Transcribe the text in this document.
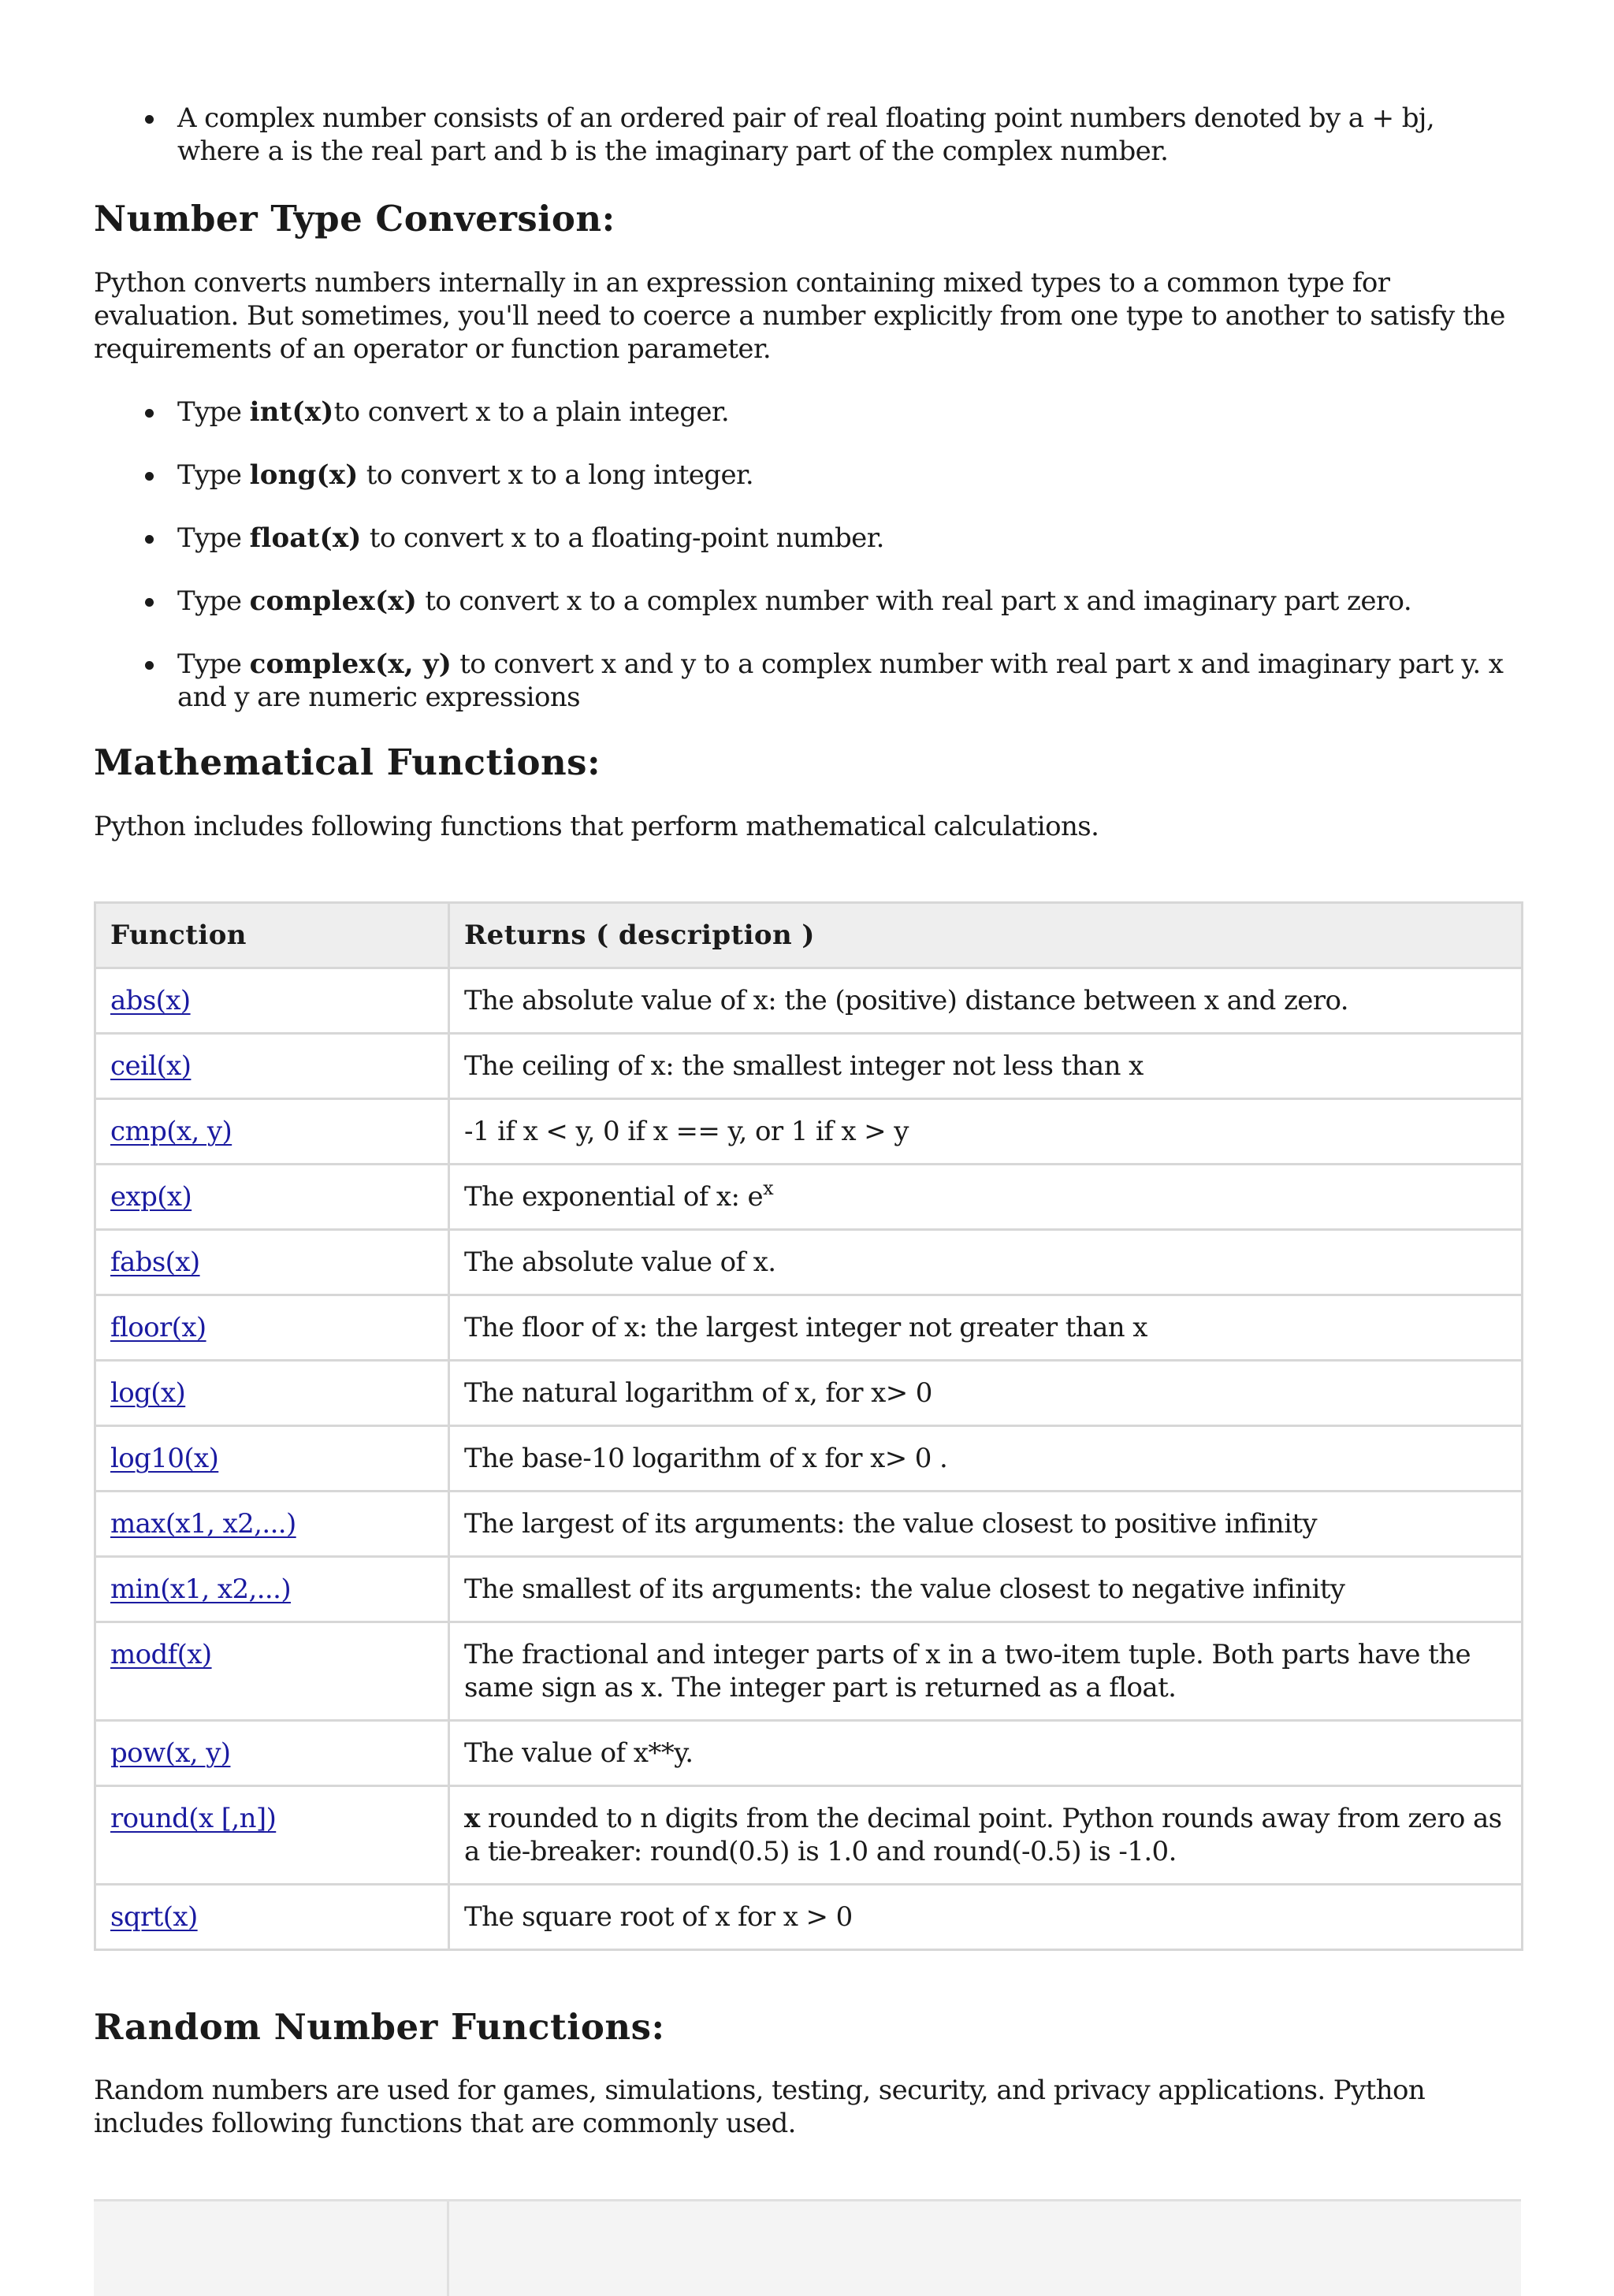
A complex number consists of an ordered pair of real floating point numbers denoted by a + bj, where a is the real part and b is the imaginary part of the complex number.
Number Type Conversion:

Python converts numbers internally in an expression containing mixed types to a common type for evaluation. But sometimes, you'll need to coerce a number explicitly from one type to another to satisfy the requirements of an operator or function parameter.

Type int(x)to convert x to a plain integer.
Type long(x) to convert x to a long integer.
Type float(x) to convert x to a floating-point number.
Type complex(x) to convert x to a complex number with real part x and imaginary part zero.
Type complex(x, y) to convert x and y to a complex number with real part x and imaginary part y. x and y are numeric expressions
Mathematical Functions:

Python includes following functions that perform mathematical calculations.

Function	Returns ( description )
abs(x)	The absolute value of x: the (positive) distance between x and zero.
ceil(x)	The ceiling of x: the smallest integer not less than x
cmp(x, y)	-1 if x < y, 0 if x == y, or 1 if x > y
exp(x)	The exponential of x: $e^x$
fabs(x)	The absolute value of x.
floor(x)	The floor of x: the largest integer not greater than x
log(x)	The natural logarithm of x, for x> 0
log10(x)	The base-10 logarithm of x for x> 0 .
max(x1, x2,...)	The largest of its arguments: the value closest to positive infinity
min(x1, x2,...)	The smallest of its arguments: the value closest to negative infinity
modf(x)	The fractional and integer parts of x in a two-item tuple. Both parts have the same sign as x. The integer part is returned as a float.
pow(x, y)	The value of x**y.
round(x [,n])	x rounded to n digits from the decimal point. Python rounds away from zero as a tie-breaker: round(0.5) is 1.0 and round(-0.5) is -1.0.
sqrt(x)	The square root of x for x > 0
Random Number Functions:

Random numbers are used for games, simulations, testing, security, and privacy applications. Python includes following functions that are commonly used.
